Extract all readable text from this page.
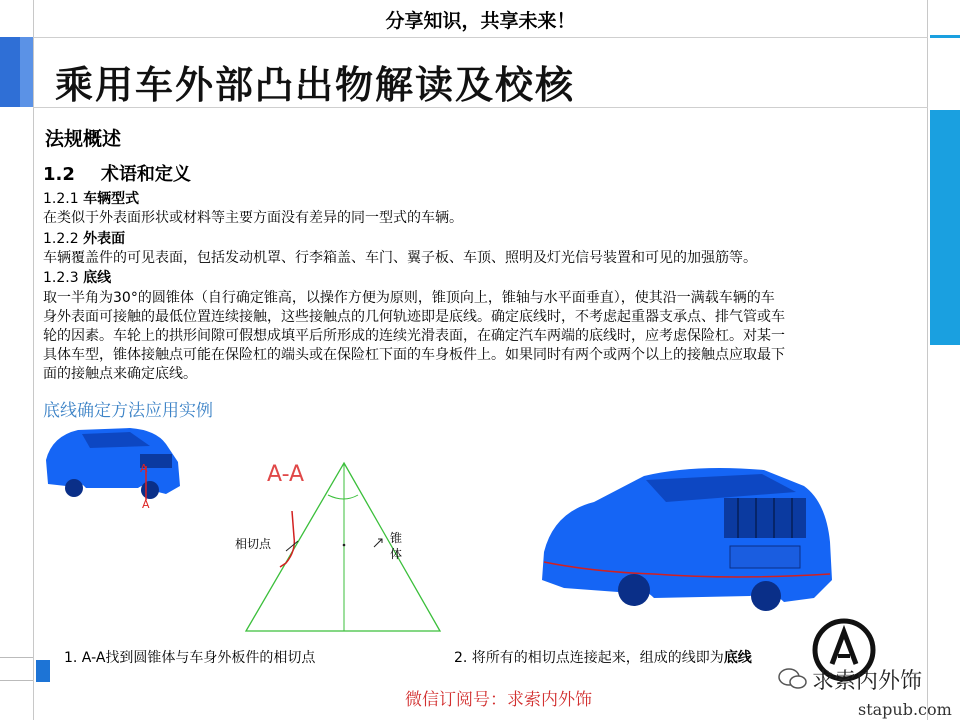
分享知识，共享未来！
乘用车外部凸出物解读及校核
法规概述
1.2 术语和定义
1.2.1 车辆型式
在类似于外表面形状或材料等主要方面没有差异的同一型式的车辆。
1.2.2 外表面
车辆覆盖件的可见表面，包括发动机罩、行李箱盖、车门、翼子板、车顶、照明及灯光信号装置和可见的加强筋等。
1.2.3 底线
取一半角为30°的圆锥体（自行确定锥高，以操作方便为原则，锥顶向上，锥轴与水平面垂直），使其沿一满载车辆的车
身外表面可接触的最低位置连续接触，这些接触点的几何轨迹即是底线。确定底线时，不考虑起重器支承点、排气管或车
轮的因素。车轮上的拱形间隙可假想成填平后所形成的连续光滑表面，在确定汽车两端的底线时，应考虑保险杠。对某一
具体车型，锥体接触点可能在保险杠的端头或在保险杠下面的车身板件上。如果同时有两个或两个以上的接触点应取最下
面的接触点来确定底线。
底线确定方法应用实例
A
A
A-A
相切点	锥体
1. A-A找到圆锥体与车身外板件的相切点	2. 将所有的相切点连接起来，组成的线即为底线
求索内外饰
stapub.com
微信订阅号：求索内外饰
